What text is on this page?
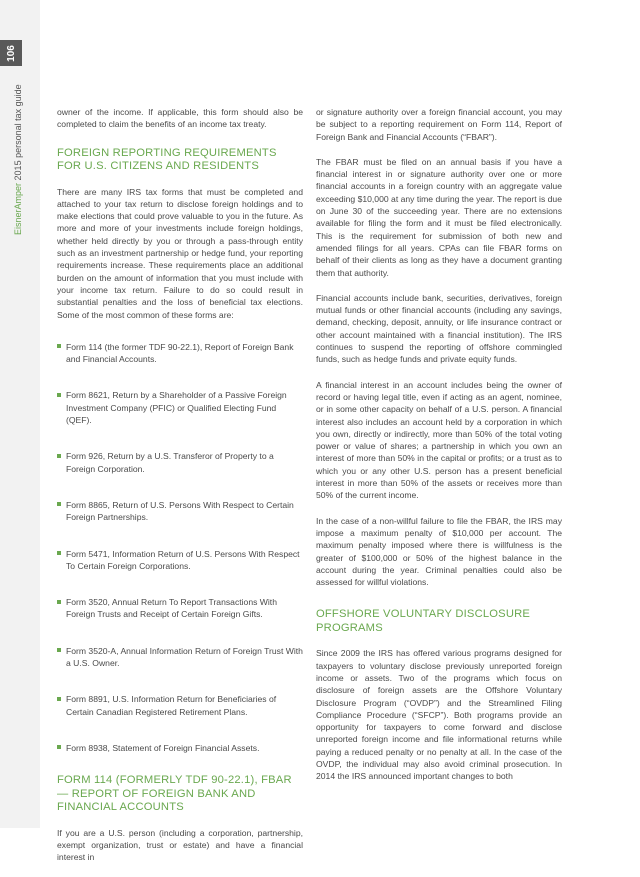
106
EisnerAmper 2015 personal tax guide	owner of the income. If applicable, this form should also be completed to claim the benefits of an income tax treaty.

FOREIGN REPORTING REQUIREMENTS FOR U.S. CITIZENS AND RESIDENTS

There are many IRS tax forms that must be completed and attached to your tax return to disclose foreign holdings and to make elections that could prove valuable to you in the future. As more and more of your investments include foreign holdings, whether held directly by you or through a pass-through entity such as an investment partnership or hedge fund, your reporting requirements increase. These requirements place an additional burden on the amount of information that you must include with your income tax return. Failure to do so could result in substantial penalties and the loss of beneficial tax elections. Some of the most common of these forms are:

Form 114 (the former TDF 90-22.1), Report of Foreign Bank and Financial Accounts.
Form 8621, Return by a Shareholder of a Passive Foreign Investment Company (PFIC) or Qualified Electing Fund (QEF).
Form 926, Return by a U.S. Transferor of Property to a Foreign Corporation.
Form 8865, Return of U.S. Persons With Respect to Certain Foreign Partnerships.
Form 5471, Information Return of U.S. Persons With Respect To Certain Foreign Corporations.
Form 3520, Annual Return To Report Transactions With Foreign Trusts and Receipt of Certain Foreign Gifts.
Form 3520-A, Annual Information Return of Foreign Trust With a U.S. Owner.
Form 8891, U.S. Information Return for Beneficiaries of Certain Canadian Registered Retirement Plans.
Form 8938, Statement of Foreign Financial Assets.
FORM 114 (FORMERLY TDF 90-22.1), FBAR — REPORT OF FOREIGN BANK AND FINANCIAL ACCOUNTS

If you are a U.S. person (including a corporation, partnership, exempt organization, trust or estate) and have a financial interest in

or signature authority over a foreign financial account, you may be subject to a reporting requirement on Form 114, Report of Foreign Bank and Financial Accounts (“FBAR”).

The FBAR must be filed on an annual basis if you have a financial interest in or signature authority over one or more financial accounts in a foreign country with an aggregate value exceeding $10,000 at any time during the year. The report is due on June 30 of the succeeding year. There are no extensions available for filing the form and it must be filed electronically. This is the requirement for submission of both new and amended filings for all years. CPAs can file FBAR forms on behalf of their clients as long as they have a document granting them that authority.

Financial accounts include bank, securities, derivatives, foreign mutual funds or other financial accounts (including any savings, demand, checking, deposit, annuity, or life insurance contract or other account maintained with a financial institution). The IRS continues to suspend the reporting of offshore commingled funds, such as hedge funds and private equity funds.

A financial interest in an account includes being the owner of record or having legal title, even if acting as an agent, nominee, or in some other capacity on behalf of a U.S. person. A financial interest also includes an account held by a corporation in which you own, directly or indirectly, more than 50% of the total voting power or value of shares; a partnership in which you own an interest of more than 50% in the capital or profits; or a trust as to which you or any other U.S. person has a present beneficial interest in more than 50% of the assets or receives more than 50% of the current income.

In the case of a non-willful failure to file the FBAR, the IRS may impose a maximum penalty of $10,000 per account. The maximum penalty imposed where there is willfulness is the greater of $100,000 or 50% of the highest balance in the account during the year. Criminal penalties could also be assessed for willful violations.

OFFSHORE VOLUNTARY DISCLOSURE PROGRAMS

Since 2009 the IRS has offered various programs designed for taxpayers to voluntary disclose previously unreported foreign income or assets. Two of the programs which focus on disclosure of foreign assets are the Offshore Voluntary Disclosure Program (“OVDP”) and the Streamlined Filing Compliance Procedure (“SFCP”). Both programs provide an opportunity for taxpayers to come forward and disclose unreported foreign income and file informational returns while paying a reduced penalty or no penalty at all. In the case of the OVDP, the individual may also avoid criminal prosecution. In 2014 the IRS announced important changes to both
